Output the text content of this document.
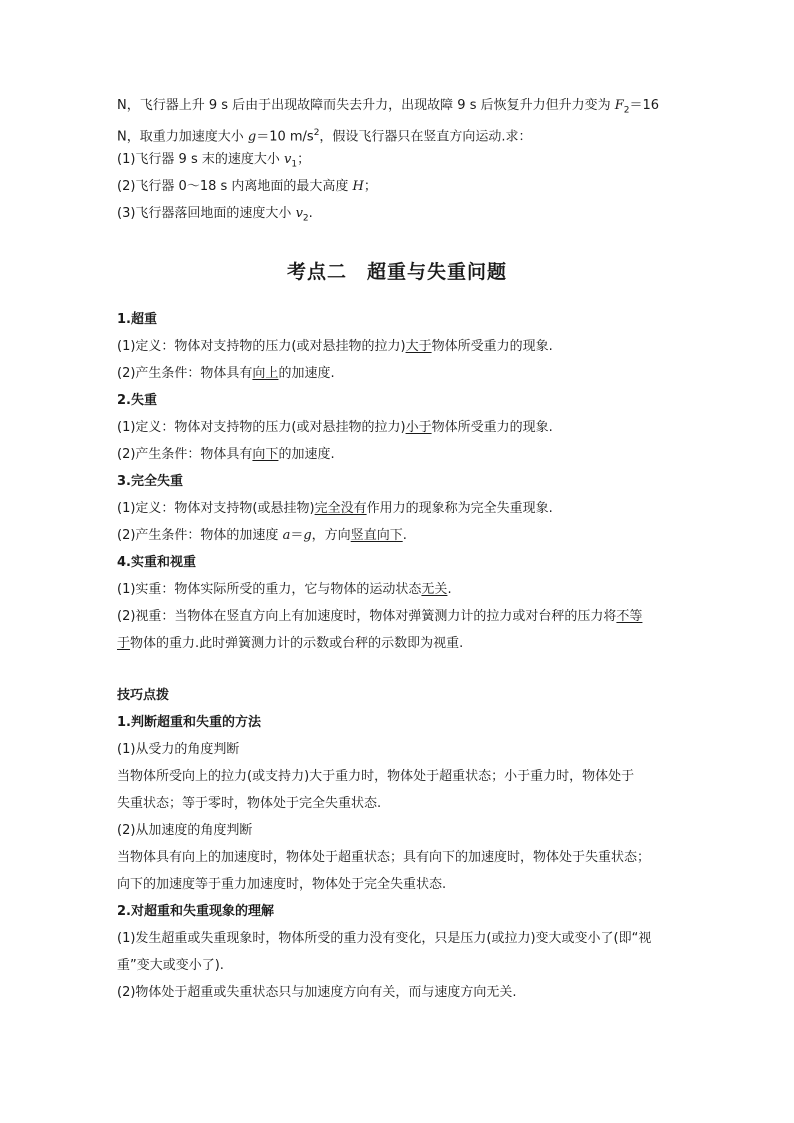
N，飞行器上升 9 s 后由于出现故障而失去升力，出现故障 9 s 后恢复升力但升力变为 $F_2=16$
N，取重力加速度大小 g＝10 $m/s^2$，假设飞行器只在竖直方向运动.求：
(1)飞行器 9 s 末的速度大小 $v_1$；
(2)飞行器 0～18 s 内离地面的最大高度 H；
(3)飞行器落回地面的速度大小 $v_2$.
考点二　超重与失重问题
1.超重
(1)定义：物体对支持物的压力(或对悬挂物的拉力)大于物体所受重力的现象.
(2)产生条件：物体具有向上的加速度.
2.失重
(1)定义：物体对支持物的压力(或对悬挂物的拉力)小于物体所受重力的现象.
(2)产生条件：物体具有向下的加速度.
3.完全失重
(1)定义：物体对支持物(或悬挂物)完全没有作用力的现象称为完全失重现象.
(2)产生条件：物体的加速度 a＝g，方向竖直向下.
4.实重和视重
(1)实重：物体实际所受的重力，它与物体的运动状态无关.
(2)视重：当物体在竖直方向上有加速度时，物体对弹簧测力计的拉力或对台秤的压力将不等
于物体的重力.此时弹簧测力计的示数或台秤的示数即为视重.
技巧点拨
1.判断超重和失重的方法
(1)从受力的角度判断
当物体所受向上的拉力(或支持力)大于重力时，物体处于超重状态；小于重力时，物体处于
失重状态；等于零时，物体处于完全失重状态.
(2)从加速度的角度判断
当物体具有向上的加速度时，物体处于超重状态；具有向下的加速度时，物体处于失重状态；
向下的加速度等于重力加速度时，物体处于完全失重状态.
2.对超重和失重现象的理解
(1)发生超重或失重现象时，物体所受的重力没有变化，只是压力(或拉力)变大或变小了(即“视
重”变大或变小了).
(2)物体处于超重或失重状态只与加速度方向有关，而与速度方向无关.
